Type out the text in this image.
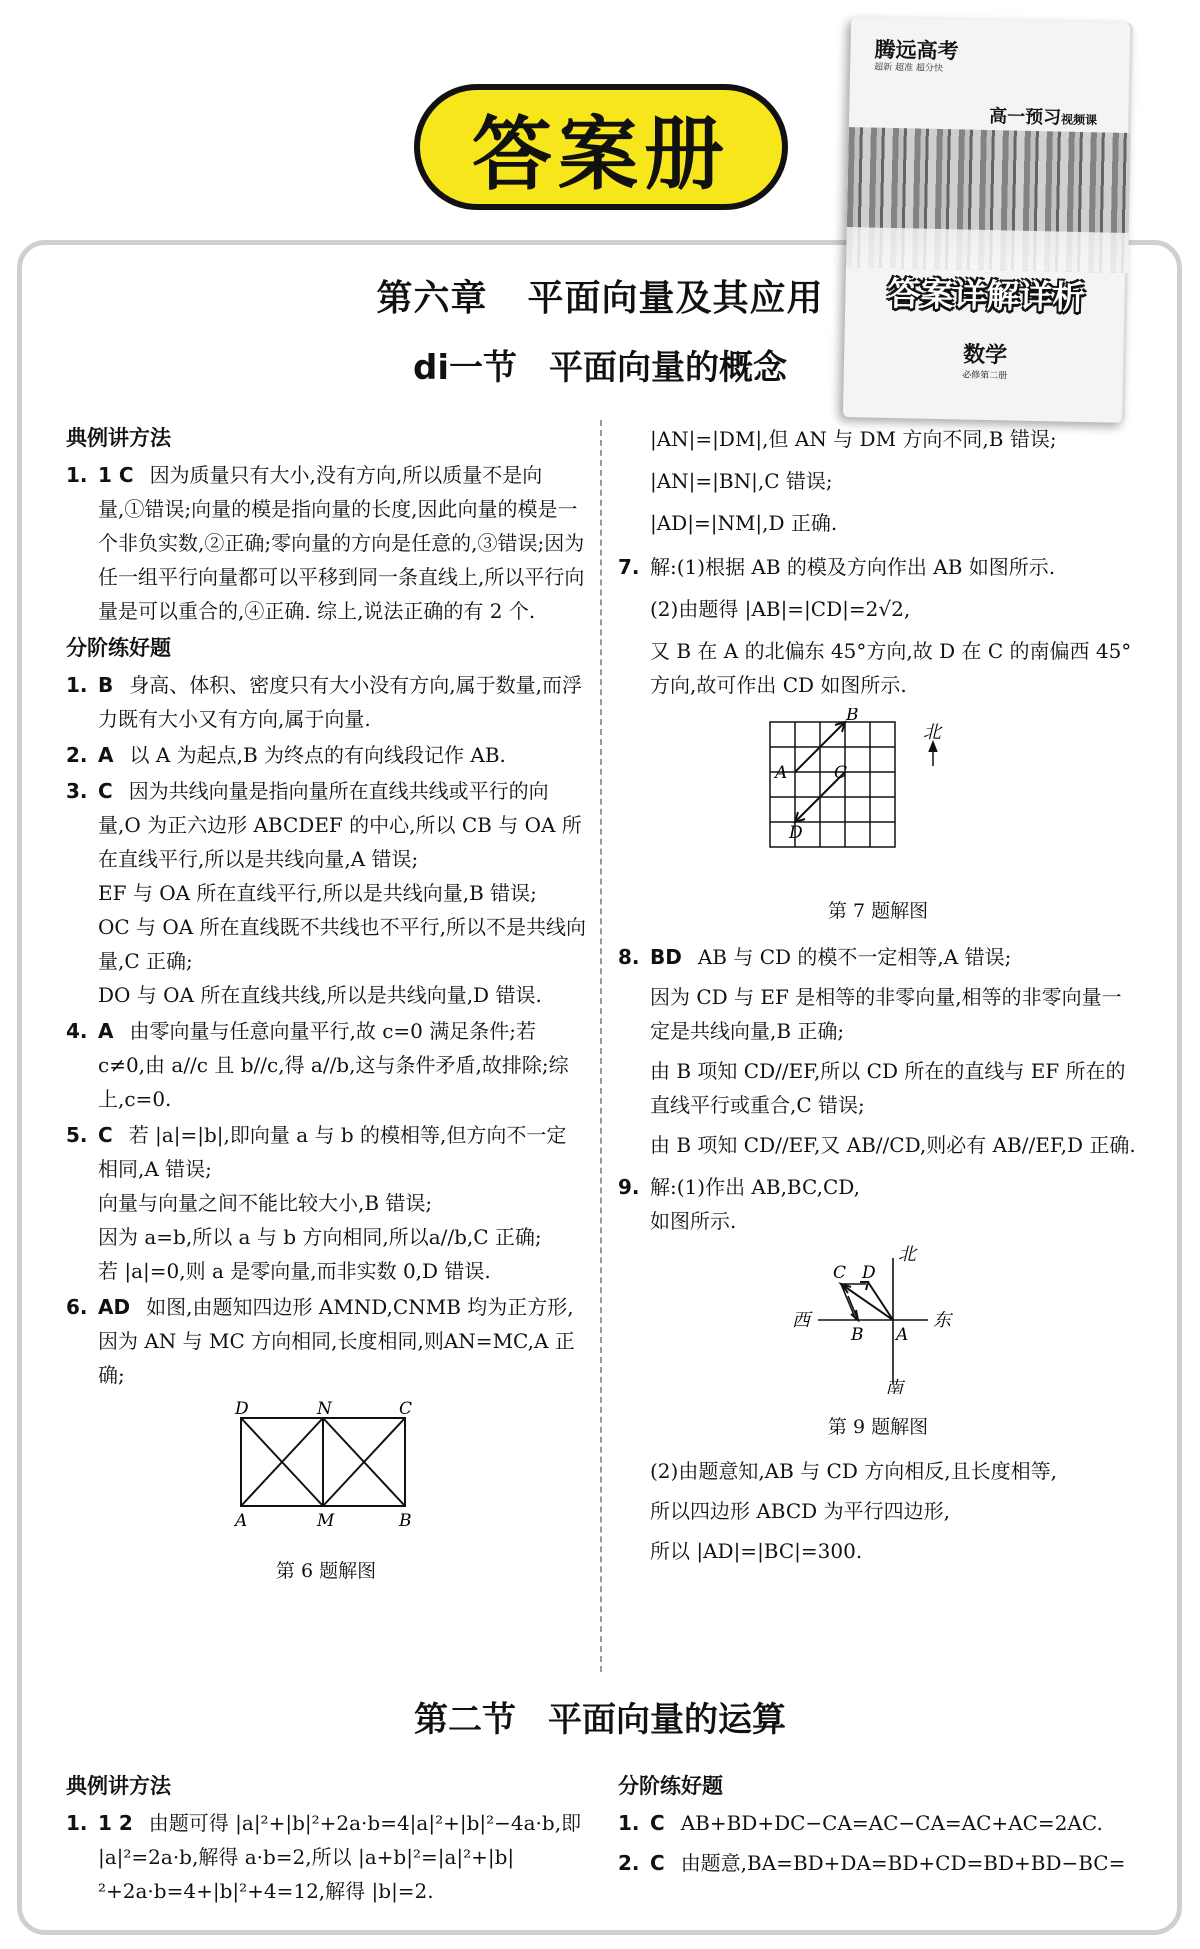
答案册
腾远高考
超新 超准 超分快
高一预习视频课
答案详解详析
数学
必修第二册
第六章 平面向量及其应用
di一节 平面向量的概念
典例讲方法
1. 1 C 因为质量只有大小,没有方向,所以质量不是向量,①错误;向量的模是指向量的长度,因此向量的模是一个非负实数,②正确;零向量的方向是任意的,③错误;因为任一组平行向量都可以平移到同一条直线上,所以平行向量是可以重合的,④正确. 综上,说法正确的有 2 个.
分阶练好题
1. B 身高、体积、密度只有大小没有方向,属于数量,而浮力既有大小又有方向,属于向量.
2. A 以 A 为起点,B 为终点的有向线段记作 AB.
3. C 因为共线向量是指向量所在直线共线或平行的向量,O 为正六边形 ABCDEF 的中心,所以 CB 与 OA 所在直线平行,所以是共线向量,A 错误;
EF 与 OA 所在直线平行,所以是共线向量,B 错误;
OC 与 OA 所在直线既不共线也不平行,所以不是共线向量,C 正确;
DO 与 OA 所在直线共线,所以是共线向量,D 错误.
4. A 由零向量与任意向量平行,故 c=0 满足条件;若 c≠0,由 a//c 且 b//c,得 a//b,这与条件矛盾,故排除;综上,c=0.
5. C 若 |a|=|b|,即向量 a 与 b 的模相等,但方向不一定相同,A 错误;
向量与向量之间不能比较大小,B 错误;
因为 a=b,所以 a 与 b 方向相同,所以a//b,C 正确;
若 |a|=0,则 a 是零向量,而非实数 0,D 错误.
6. AD 如图,由题知四边形 AMND,CNMB 均为正方形,因为 AN 与 MC 方向相同,长度相同,则AN=MC,A 正确;
D	N	C
A	M	B
第 6 题解图
|AN|=|DM|,但 AN 与 DM 方向不同,B 错误;
|AN|=|BN|,C 错误;
|AD|=|NM|,D 正确.
7. 解:(1)根据 AB 的模及方向作出 AB 如图所示.
(2)由题得 |AB|=|CD|=2√2,
又 B 在 A 的北偏东 45°方向,故 D 在 C 的南偏西 45°方向,故可作出 CD 如图所示.
B
A	C
D
北
第 7 题解图
8. BD AB 与 CD 的模不一定相等,A 错误;
因为 CD 与 EF 是相等的非零向量,相等的非零向量一定是共线向量,B 正确;
由 B 项知 CD//EF,所以 CD 所在的直线与 EF 所在的直线平行或重合,C 错误;
由 B 项知 CD//EF,又 AB//CD,则必有 AB//EF,D 正确.
9. 解:(1)作出 AB,BC,CD,
如图所示.
C D
B A
北
南
西	东
第 9 题解图
(2)由题意知,AB 与 CD 方向相反,且长度相等,
所以四边形 ABCD 为平行四边形,
所以 |AD|=|BC|=300.
第二节 平面向量的运算
典例讲方法
1. 1 2 由题可得 |a|²+|b|²+2a·b=4|a|²+|b|²−4a·b,即 |a|²=2a·b,解得 a·b=2,所以 |a+b|²=|a|²+|b|²+2a·b=4+|b|²+4=12,解得 |b|=2.
分阶练好题
1. C AB+BD+DC−CA=AC−CA=AC+AC=2AC.
2. C 由题意,BA=BD+DA=BD+CD=BD+BD−BC=
